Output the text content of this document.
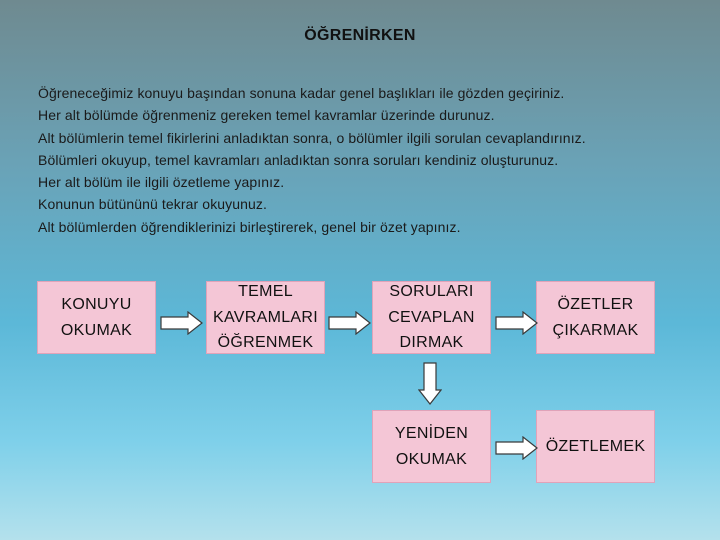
ÖĞRENİRKEN
Öğreneceğimiz konuyu başından sonuna kadar genel başlıkları ile gözden geçiriniz.
Her alt bölümde öğrenmeniz gereken temel kavramlar üzerinde durunuz.
Alt bölümlerin temel fikirlerini anladıktan sonra, o bölümler ilgili sorulan cevaplandırınız.
Bölümleri okuyup, temel kavramları anladıktan sonra soruları kendiniz oluşturunuz.
Her alt bölüm ile ilgili özetleme yapınız.
Konunun bütününü tekrar okuyunuz.
Alt bölümlerden öğrendiklerinizi birleştirerek, genel bir özet yapınız.
KONUYU
OKUMAK
TEMEL
KAVRAMLARI
ÖĞRENMEK
SORULARI
CEVAPLAN
DIRMAK
ÖZETLER
ÇIKARMAK
YENİDEN
OKUMAK
ÖZETLEMEK
